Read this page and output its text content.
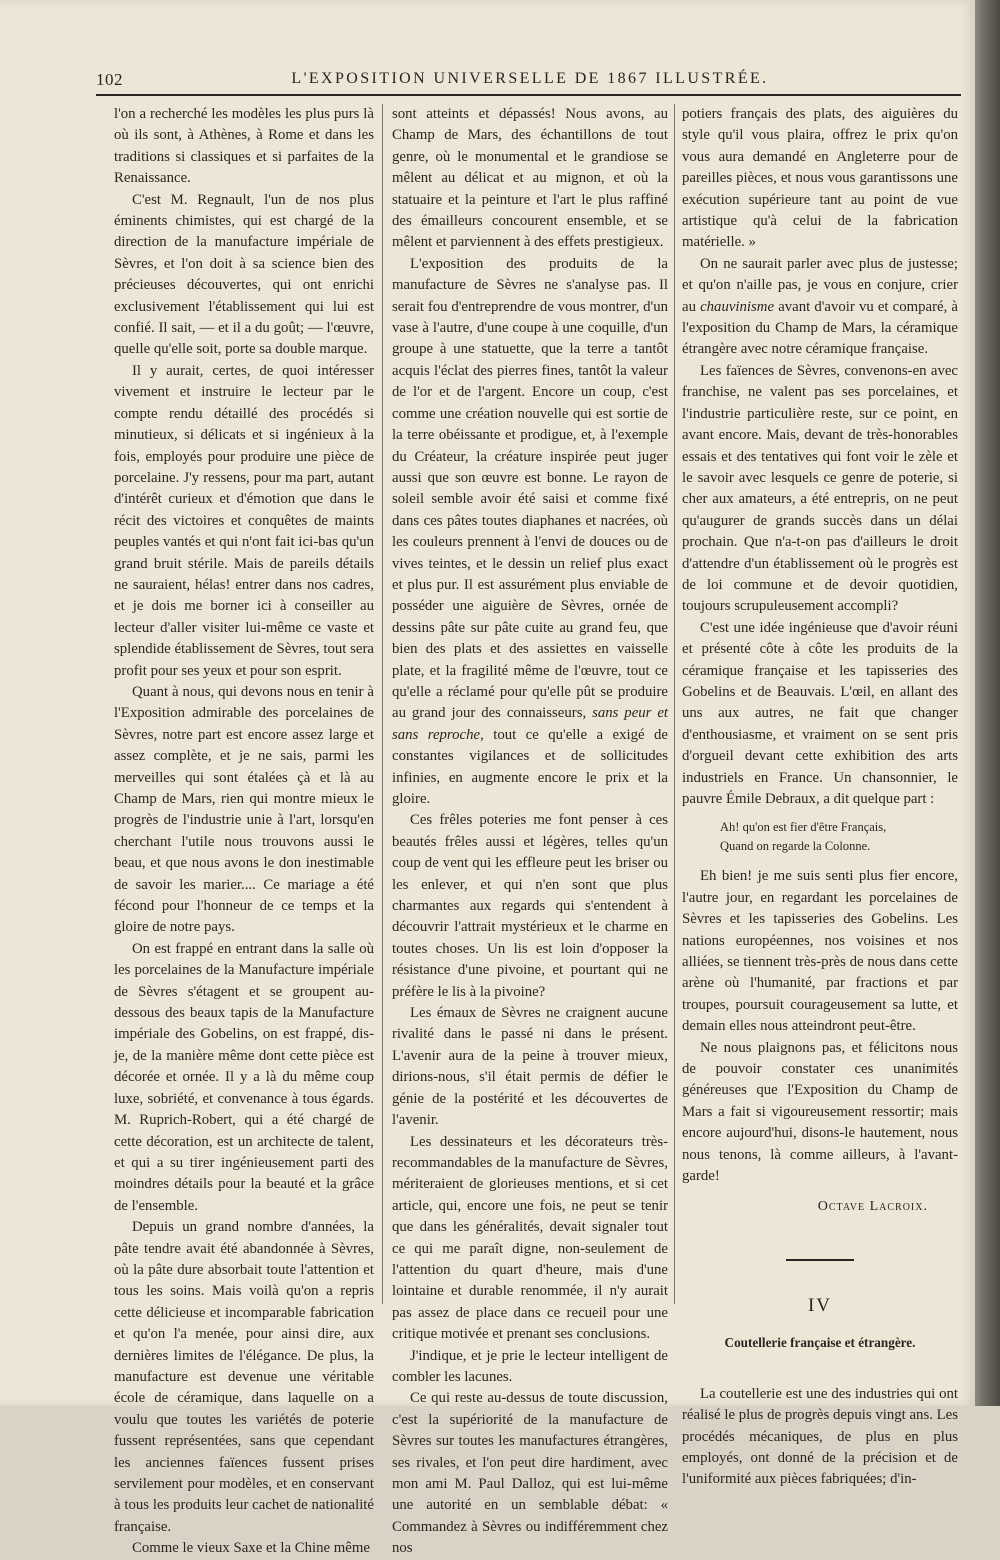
102	L'EXPOSITION UNIVERSELLE DE 1867 ILLUSTRÉE.

l'on a recherché les modèles les plus purs là où ils sont, à Athènes, à Rome et dans les traditions si classiques et si parfaites de la Renaissance.

C'est M. Regnault, l'un de nos plus éminents chimistes, qui est chargé de la direction de la manufacture impériale de Sèvres, et l'on doit à sa science bien des précieuses découvertes, qui ont enrichi exclusivement l'établissement qui lui est confié. Il sait, — et il a du goût; — l'œuvre, quelle qu'elle soit, porte sa double marque.

Il y aurait, certes, de quoi intéresser vivement et instruire le lecteur par le compte rendu détaillé des procédés si minutieux, si délicats et si ingénieux à la fois, employés pour produire une pièce de porcelaine. J'y ressens, pour ma part, autant d'intérêt curieux et d'émotion que dans le récit des victoires et conquêtes de maints peuples vantés et qui n'ont fait ici-bas qu'un grand bruit stérile. Mais de pareils détails ne sauraient, hélas! entrer dans nos cadres, et je dois me borner ici à conseiller au lecteur d'aller visiter lui-même ce vaste et splendide établissement de Sèvres, tout sera profit pour ses yeux et pour son esprit.

Quant à nous, qui devons nous en tenir à l'Exposition admirable des porcelaines de Sèvres, notre part est encore assez large et assez complète, et je ne sais, parmi les merveilles qui sont étalées çà et là au Champ de Mars, rien qui montre mieux le progrès de l'industrie unie à l'art, lorsqu'en cherchant l'utile nous trouvons aussi le beau, et que nous avons le don inestimable de savoir les marier.... Ce mariage a été fécond pour l'honneur de ce temps et la gloire de notre pays.

On est frappé en entrant dans la salle où les porcelaines de la Manufacture impériale de Sèvres s'étagent et se groupent au-dessous des beaux tapis de la Manufacture impériale des Gobelins, on est frappé, dis-je, de la manière même dont cette pièce est décorée et ornée. Il y a là du même coup luxe, sobriété, et convenance à tous égards. M. Ruprich-Robert, qui a été chargé de cette décoration, est un architecte de talent, et qui a su tirer ingénieusement parti des moindres détails pour la beauté et la grâce de l'ensemble.

Depuis un grand nombre d'années, la pâte tendre avait été abandonnée à Sèvres, où la pâte dure absorbait toute l'attention et tous les soins. Mais voilà qu'on a repris cette délicieuse et incomparable fabrication et qu'on l'a menée, pour ainsi dire, aux dernières limites de l'élégance. De plus, la manufacture est devenue une véritable école de céramique, dans laquelle on a voulu que toutes les variétés de poterie fussent représentées, sans que cependant les anciennes faïences fussent prises servilement pour modèles, et en conservant à tous les produits leur cachet de nationalité française.

Comme le vieux Saxe et la Chine même

sont atteints et dépassés! Nous avons, au Champ de Mars, des échantillons de tout genre, où le monumental et le grandiose se mêlent au délicat et au mignon, et où la statuaire et la peinture et l'art le plus raffiné des émailleurs concourent ensemble, et se mêlent et parviennent à des effets prestigieux.

L'exposition des produits de la manufacture de Sèvres ne s'analyse pas. Il serait fou d'entreprendre de vous montrer, d'un vase à l'autre, d'une coupe à une coquille, d'un groupe à une statuette, que la terre a tantôt acquis l'éclat des pierres fines, tantôt la valeur de l'or et de l'argent. Encore un coup, c'est comme une création nouvelle qui est sortie de la terre obéissante et prodigue, et, à l'exemple du Créateur, la créature inspirée peut juger aussi que son œuvre est bonne. Le rayon de soleil semble avoir été saisi et comme fixé dans ces pâtes toutes diaphanes et nacrées, où les couleurs prennent à l'envi de douces ou de vives teintes, et le dessin un relief plus exact et plus pur. Il est assurément plus enviable de posséder une aiguière de Sèvres, ornée de dessins pâte sur pâte cuite au grand feu, que bien des plats et des assiettes en vaisselle plate, et la fragilité même de l'œuvre, tout ce qu'elle a réclamé pour qu'elle pût se produire au grand jour des connaisseurs, sans peur et sans reproche, tout ce qu'elle a exigé de constantes vigilances et de sollicitudes infinies, en augmente encore le prix et la gloire.

Ces frêles poteries me font penser à ces beautés frêles aussi et légères, telles qu'un coup de vent qui les effleure peut les briser ou les enlever, et qui n'en sont que plus charmantes aux regards qui s'entendent à découvrir l'attrait mystérieux et le charme en toutes choses. Un lis est loin d'opposer la résistance d'une pivoine, et pourtant qui ne préfère le lis à la pivoine?

Les émaux de Sèvres ne craignent aucune rivalité dans le passé ni dans le présent. L'avenir aura de la peine à trouver mieux, dirions-nous, s'il était permis de défier le génie de la postérité et les découvertes de l'avenir.

Les dessinateurs et les décorateurs très-recommandables de la manufacture de Sèvres, mériteraient de glorieuses mentions, et si cet article, qui, encore une fois, ne peut se tenir que dans les généralités, devait signaler tout ce qui me paraît digne, non-seulement de l'attention du quart d'heure, mais d'une lointaine et durable renommée, il n'y aurait pas assez de place dans ce recueil pour une critique motivée et prenant ses conclusions.

J'indique, et je prie le lecteur intelligent de combler les lacunes.

Ce qui reste au-dessus de toute discussion, c'est la supériorité de la manufacture de Sèvres sur toutes les manufactures étrangères, ses rivales, et l'on peut dire hardiment, avec mon ami M. Paul Dalloz, qui est lui-même une autorité en un semblable débat: « Commandez à Sèvres ou indifféremment chez nos

potiers français des plats, des aiguières du style qu'il vous plaira, offrez le prix qu'on vous aura demandé en Angleterre pour de pareilles pièces, et nous vous garantissons une exécution supérieure tant au point de vue artistique qu'à celui de la fabrication matérielle. »

On ne saurait parler avec plus de justesse; et qu'on n'aille pas, je vous en conjure, crier au chauvinisme avant d'avoir vu et comparé, à l'exposition du Champ de Mars, la céramique étrangère avec notre céramique française.

Les faïences de Sèvres, convenons-en avec franchise, ne valent pas ses porcelaines, et l'industrie particulière reste, sur ce point, en avant encore. Mais, devant de très-honorables essais et des tentatives qui font voir le zèle et le savoir avec lesquels ce genre de poterie, si cher aux amateurs, a été entrepris, on ne peut qu'augurer de grands succès dans un délai prochain. Que n'a-t-on pas d'ailleurs le droit d'attendre d'un établissement où le progrès est de loi commune et de devoir quotidien, toujours scrupuleusement accompli?

C'est une idée ingénieuse que d'avoir réuni et présenté côte à côte les produits de la céramique française et les tapisseries des Gobelins et de Beauvais. L'œil, en allant des uns aux autres, ne fait que changer d'enthousiasme, et vraiment on se sent pris d'orgueil devant cette exhibition des arts industriels en France. Un chansonnier, le pauvre Émile Debraux, a dit quelque part :

Ah! qu'on est fier d'être Français,
Quand on regarde la Colonne.

Eh bien! je me suis senti plus fier encore, l'autre jour, en regardant les porcelaines de Sèvres et les tapisseries des Gobelins. Les nations européennes, nos voisines et nos alliées, se tiennent très-près de nous dans cette arène où l'humanité, par fractions et par troupes, poursuit courageusement sa lutte, et demain elles nous atteindront peut-être.

Ne nous plaignons pas, et félicitons nous de pouvoir constater ces unanimités généreuses que l'Exposition du Champ de Mars a fait si vigoureusement ressortir; mais encore aujourd'hui, disons-le hautement, nous nous tenons, là comme ailleurs, à l'avant-garde!

Octave Lacroix.
IV
Coutellerie française et étrangère.

La coutellerie est une des industries qui ont réalisé le plus de progrès depuis vingt ans. Les procédés mécaniques, de plus en plus employés, ont donné de la précision et de l'uniformité aux pièces fabriquées; d'in-
